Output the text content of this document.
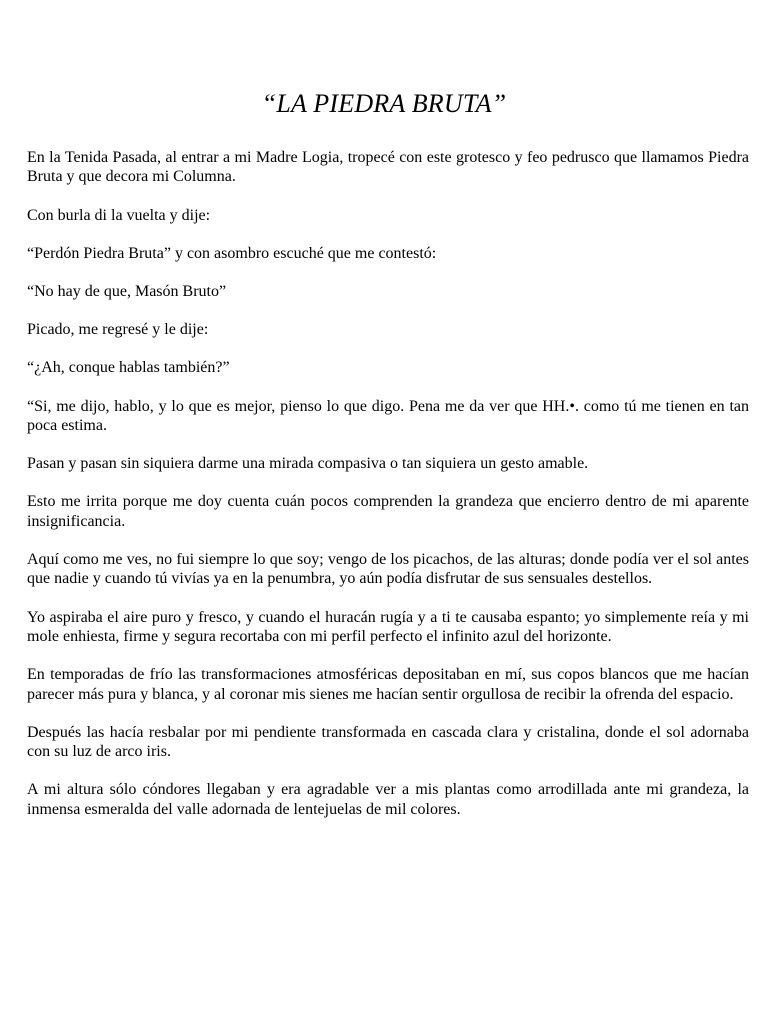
“LA PIEDRA BRUTA”

En la Tenida Pasada, al entrar a mi Madre Logia, tropecé con este grotesco y feo pedrusco que llamamos Piedra Bruta y que decora mi Columna.

Con burla di la vuelta y dije:

“Perdón Piedra Bruta” y con asombro escuché que me contestó:

“No hay de que, Masón Bruto”

Picado, me regresé y le dije:

“¿Ah, conque hablas también?”

“Si, me dijo, hablo, y lo que es mejor, pienso lo que digo. Pena me da ver que HH.•. como tú me tienen en tan poca estima.

Pasan y pasan sin siquiera darme una mirada compasiva o tan siquiera un gesto amable.

Esto me irrita porque me doy cuenta cuán pocos comprenden la grandeza que encierro dentro de mi aparente insignificancia.

Aquí como me ves, no fui siempre lo que soy; vengo de los picachos, de las alturas; donde podía ver el sol antes que nadie y cuando tú vivías ya en la penumbra, yo aún podía disfrutar de sus sensuales destellos.

Yo aspiraba el aire puro y fresco, y cuando el huracán rugía y a ti te causaba espanto; yo simplemente reía y mi mole enhiesta, firme y segura recortaba con mi perfil perfecto el infinito azul del horizonte.

En temporadas de frío las transformaciones atmosféricas depositaban en mí, sus copos blancos que me hacían parecer más pura y blanca, y al coronar mis sienes me hacían sentir orgullosa de recibir la ofrenda del espacio.

Después las hacía resbalar por mi pendiente transformada en cascada clara y cristalina, donde el sol adornaba con su luz de arco iris.

A mi altura sólo cóndores llegaban y era agradable ver a mis plantas como arrodillada ante mi grandeza, la inmensa esmeralda del valle adornada de lentejuelas de mil colores.
